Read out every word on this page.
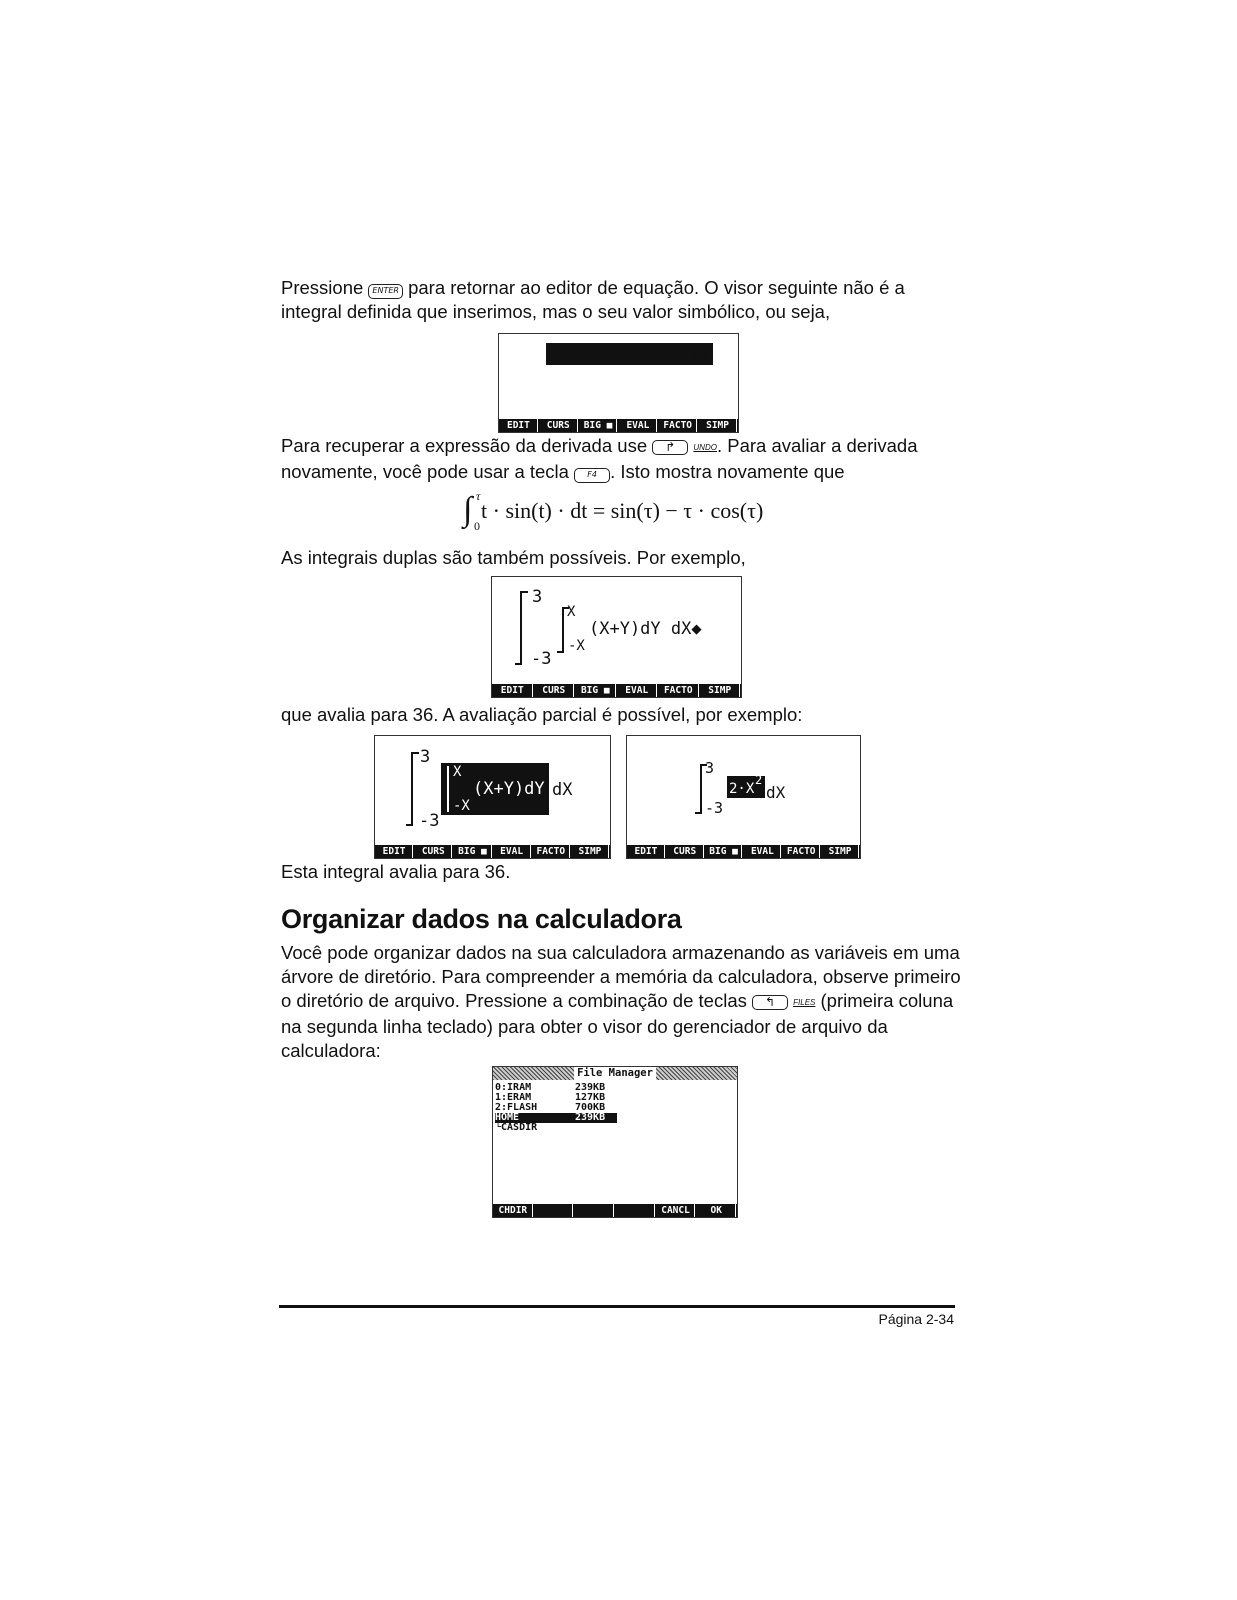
Pressione ENTER para retornar ao editor de equação. O visor seguinte não é a integral definida que inserimos, mas o seu valor simbólico, ou seja,

SIN(τ)-τ·COS(τ)
EDIT	CURS	BIG ■	EVAL	FACTO	SIMP

Para recuperar a expressão da derivada use ↱ UNDO. Para avaliar a derivada novamente, você pode usar a tecla F4 . Isto mostra novamente que

∫ τ
0
t · sin(t) · dt = sin(τ) − τ · cos(τ)

As integrais duplas são também possíveis. Por exemplo,

3
-3
X
-X
(X+Y)dY dX◆
EDIT	CURS	BIG ■	EVAL	FACTO	SIMP

que avalia para 36. A avaliação parcial é possível, por exemplo:

3
-3
X
-X
(X+Y)dY dX
EDIT	CURS	BIG ■	EVAL	FACTO	SIMP
3
-3
2·X
2
dX
EDIT	CURS	BIG ■	EVAL	FACTO	SIMP

Esta integral avalia para 36.

Organizar dados na calculadora

Você pode organizar dados na sua calculadora armazenando as variáveis em uma árvore de diretório. Para compreender a memória da calculadora, observe primeiro o diretório de arquivo. Pressione a combinação de teclas ↰ FILES (primeira coluna na segunda linha teclado) para obter o visor do gerenciador de arquivo da calculadora:

File Manager
0:IRAM	239KB
1:ERAM	127KB
2:FLASH	700KB
HOME	239KB
└CASDIR
CHDIR	CANCL	OK
Página 2-34
